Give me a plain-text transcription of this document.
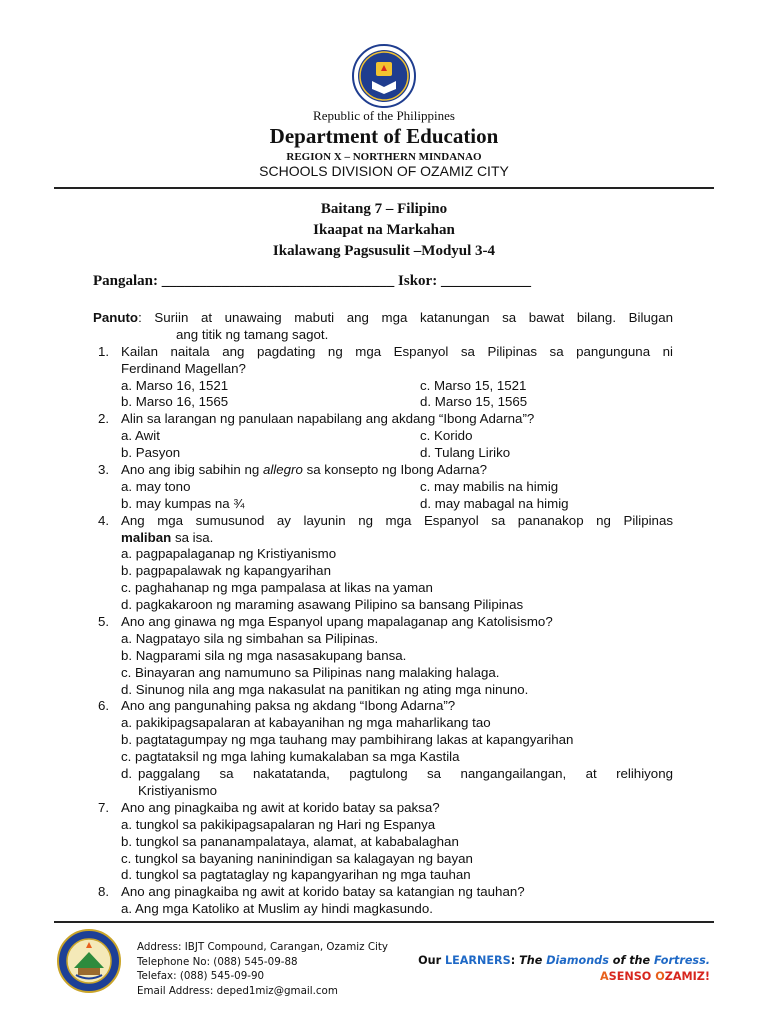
Republic of the Philippines
Department of Education
REGION X – NORTHERN MINDANAO
SCHOOLS DIVISION OF OZAMIZ CITY
Baitang 7 – Filipino
Ikaapat na Markahan
Ikalawang Pagsusulit –Modyul 3-4
Pangalan: _______________________________ Iskor: ____________
Panuto: Suriin at unawaing mabuti ang mga katanungan sa bawat bilang. Bilugan
ang titik ng tamang sagot.
1. Kailan naitala ang pagdating ng mga Espanyol sa Pilipinas sa pangunguna ni
Ferdinand Magellan?
a. Marso 16, 1521	c. Marso 15, 1521
b. Marso 16, 1565	d. Marso 15, 1565
2. Alin sa larangan ng panulaan napabilang ang akdang “Ibong Adarna”?
a. Awit	c. Korido
b. Pasyon	d. Tulang Liriko
3. Ano ang ibig sabihin ng allegro sa konsepto ng Ibong Adarna?
a. may tono	c. may mabilis na himig
b. may kumpas na ¾	d. may mabagal na himig
4. Ang mga sumusunod ay layunin ng mga Espanyol sa pananakop ng Pilipinas
maliban sa isa.
a. pagpapalaganap ng Kristiyanismo
b. pagpapalawak ng kapangyarihan
c. paghahanap ng mga pampalasa at likas na yaman
d. pagkakaroon ng maraming asawang Pilipino sa bansang Pilipinas
5. Ano ang ginawa ng mga Espanyol upang mapalaganap ang Katolisismo?
a. Nagpatayo sila ng simbahan sa Pilipinas.
b. Nagparami sila ng mga nasasakupang bansa.
c. Binayaran ang namumuno sa Pilipinas nang malaking halaga.
d. Sinunog nila ang mga nakasulat na panitikan ng ating mga ninuno.
6. Ano ang pangunahing paksa ng akdang “Ibong Adarna”?
a. pakikipagsapalaran at kabayanihan ng mga maharlikang tao
b. pagtatagumpay ng mga tauhang may pambihirang lakas at kapangyarihan
c. pagtataksil ng mga lahing kumakalaban sa mga Kastila
d. paggalang sa nakatatanda, pagtulong sa nangangailangan, at relihiyong
Kristiyanismo
7. Ano ang pinagkaiba ng awit at korido batay sa paksa?
a. tungkol sa pakikipagsapalaran ng Hari ng Espanya
b. tungkol sa pananampalataya, alamat, at kababalaghan
c. tungkol sa bayaning naninindigan sa kalagayan ng bayan
d. tungkol sa pagtataglay ng kapangyarihan ng mga tauhan
8. Ano ang pinagkaiba ng awit at korido batay sa katangian ng tauhan?
a. Ang mga Katoliko at Muslim ay hindi magkasundo.
Address: IBJT Compound, Carangan, Ozamiz City
Telephone No: (088) 545-09-88
Telefax: (088) 545-09-90
Email Address: deped1miz@gmail.com
Our LEARNERS: The Diamonds of the Fortress.
ASENSO OZAMIZ!
